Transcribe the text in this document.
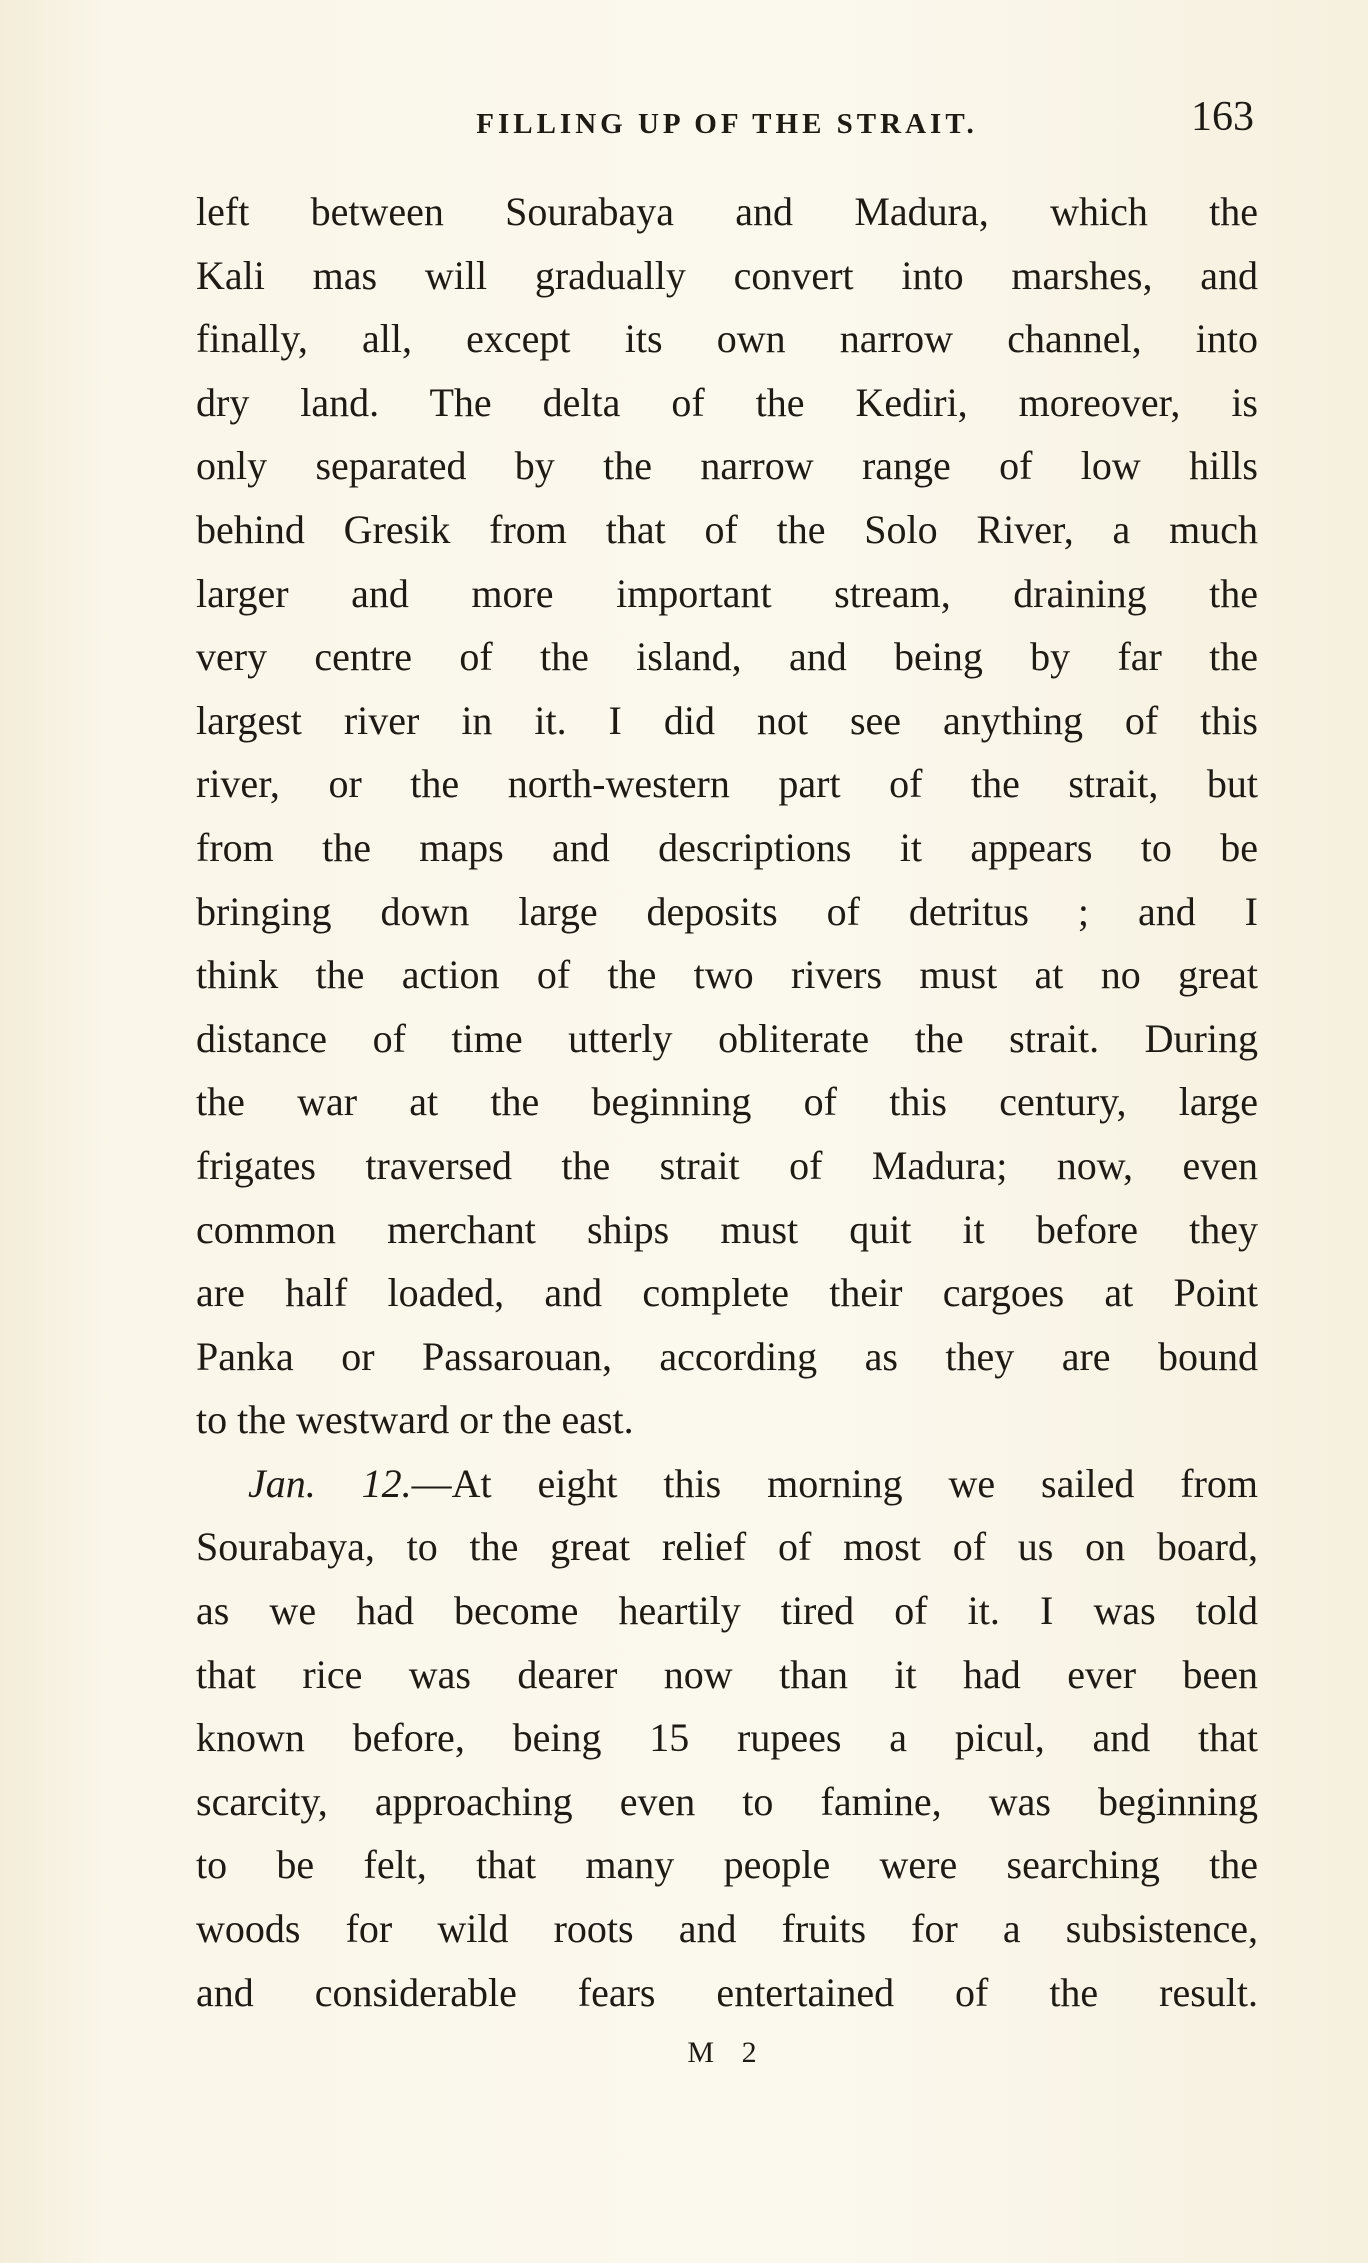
FILLING UP OF THE STRAIT.	163
left between Sourabaya and Madura, which the
Kali mas will gradually convert into marshes, and
finally, all, except its own narrow channel, into
dry land. The delta of the Kediri, moreover, is
only separated by the narrow range of low hills
behind Gresik from that of the Solo River, a much
larger and more important stream, draining the
very centre of the island, and being by far the
largest river in it. I did not see anything of this
river, or the north-western part of the strait, but
from the maps and descriptions it appears to be
bringing down large deposits of detritus ; and I
think the action of the two rivers must at no great
distance of time utterly obliterate the strait. During
the war at the beginning of this century, large
frigates traversed the strait of Madura; now, even
common merchant ships must quit it before they
are half loaded, and complete their cargoes at Point
Panka or Passarouan, according as they are bound
to the westward or the east.
Jan. 12.—At eight this morning we sailed from
Sourabaya, to the great relief of most of us on board,
as we had become heartily tired of it. I was told
that rice was dearer now than it had ever been
known before, being 15 rupees a picul, and that
scarcity, approaching even to famine, was beginning
to be felt, that many people were searching the
woods for wild roots and fruits for a subsistence,
and considerable fears entertained of the result.
M 2
